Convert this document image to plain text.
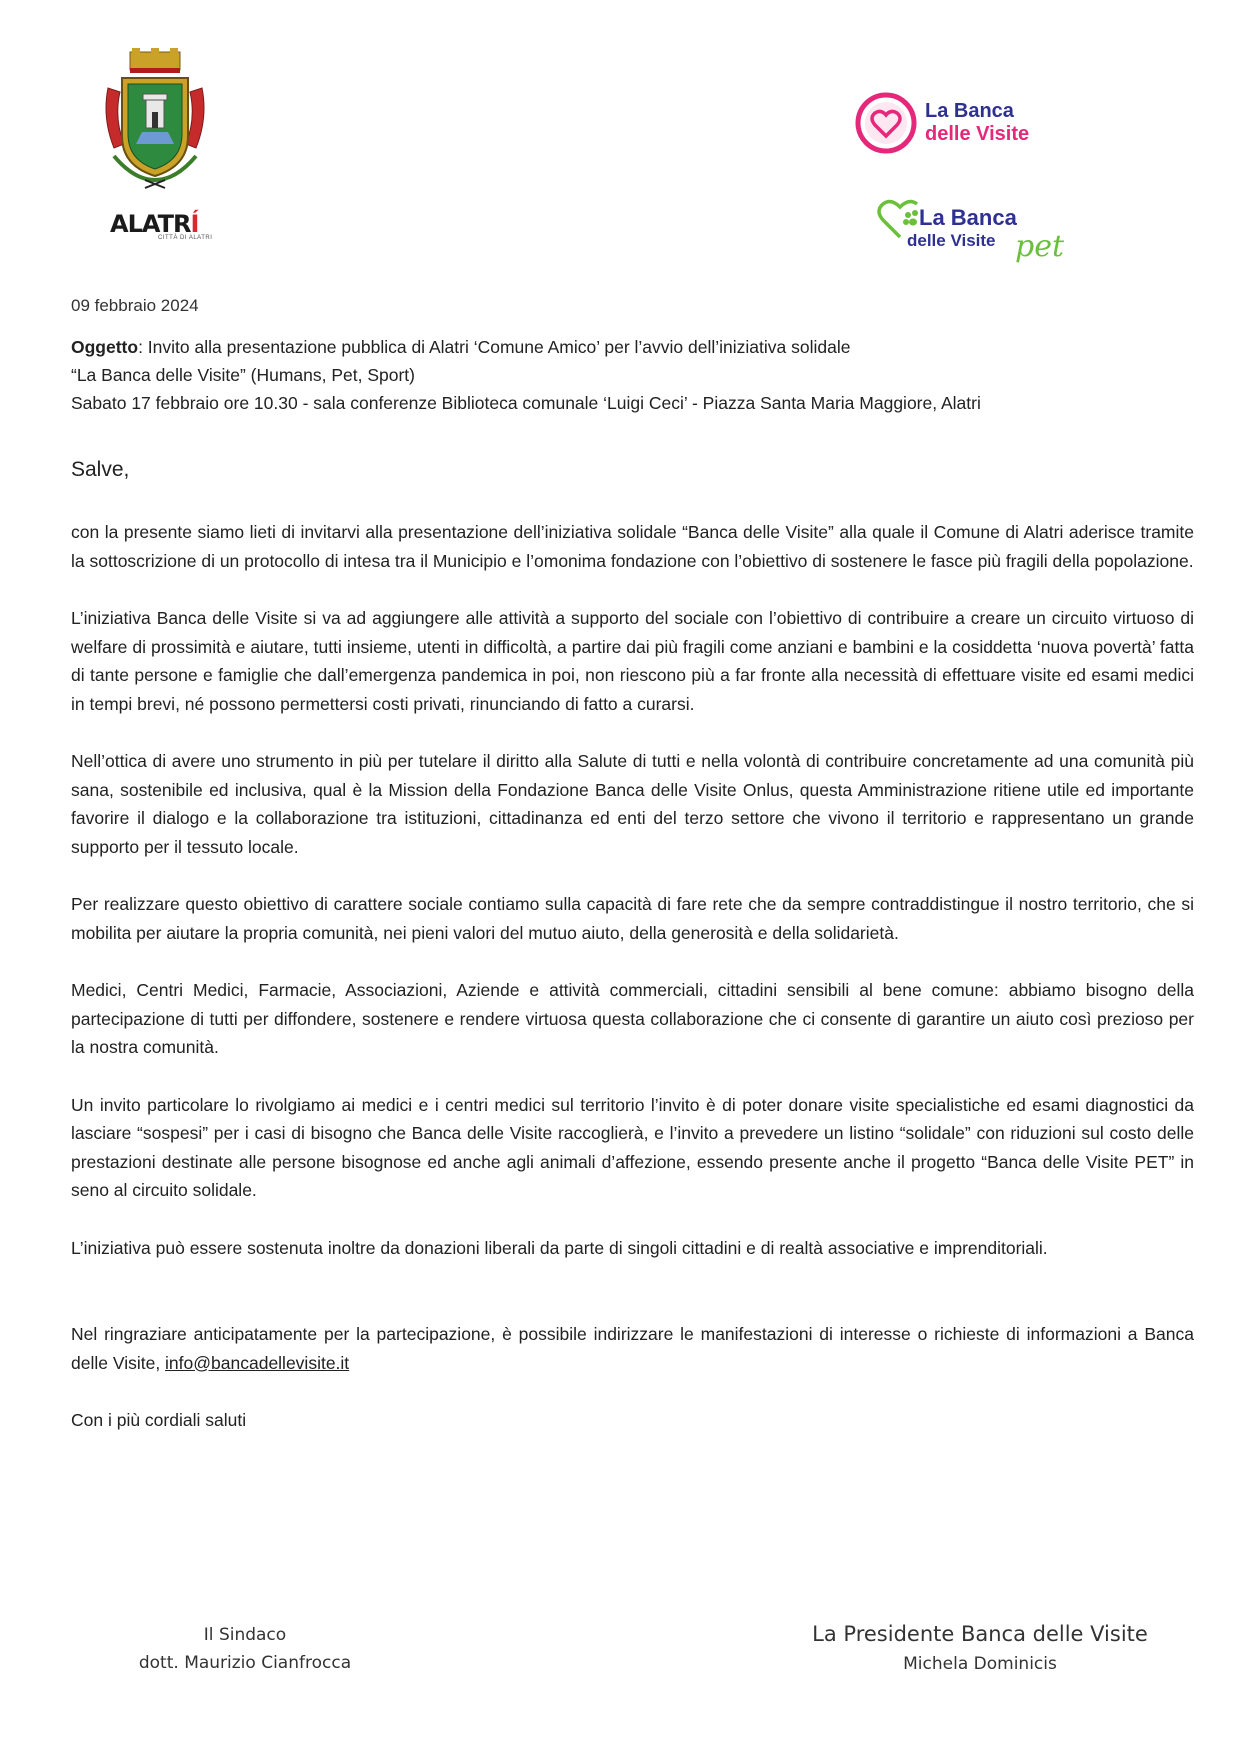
ALATRÍ
CITTÀ DI ALATRI
La Banca
delle Visite
La Banca
delle Visite pet
09 febbraio 2024
Oggetto: Invito alla presentazione pubblica di Alatri ‘Comune Amico’ per l’avvio dell’iniziativa solidale
“La Banca delle Visite” (Humans, Pet, Sport)
Sabato 17 febbraio ore 10.30 - sala conferenze Biblioteca comunale ‘Luigi Ceci’ - Piazza Santa Maria Maggiore, Alatri
Salve,

con la presente siamo lieti di invitarvi alla presentazione dell’iniziativa solidale “Banca delle Visite” alla quale il Comune di Alatri aderisce tramite la sottoscrizione di un protocollo di intesa tra il Municipio e l’omonima fondazione con l’obiettivo di sostenere le fasce più fragili della popolazione.

L’iniziativa Banca delle Visite si va ad aggiungere alle attività a supporto del sociale con l’obiettivo di contribuire a creare un circuito virtuoso di welfare di prossimità e aiutare, tutti insieme, utenti in difficoltà, a partire dai più fragili come anziani e bambini e la cosiddetta ‘nuova povertà’ fatta di tante persone e famiglie che dall’emergenza pandemica in poi, non riescono più a far fronte alla necessità di effettuare visite ed esami medici in tempi brevi, né possono permettersi costi privati, rinunciando di fatto a curarsi.

Nell’ottica di avere uno strumento in più per tutelare il diritto alla Salute di tutti e nella volontà di contribuire concretamente ad una comunità più sana, sostenibile ed inclusiva, qual è la Mission della Fondazione Banca delle Visite Onlus, questa Amministrazione ritiene utile ed importante favorire il dialogo e la collaborazione tra istituzioni, cittadinanza ed enti del terzo settore che vivono il territorio e rappresentano un grande supporto per il tessuto locale.

Per realizzare questo obiettivo di carattere sociale contiamo sulla capacità di fare rete che da sempre contraddistingue il nostro territorio, che si mobilita per aiutare la propria comunità, nei pieni valori del mutuo aiuto, della generosità e della solidarietà.

Medici, Centri Medici, Farmacie, Associazioni, Aziende e attività commerciali, cittadini sensibili al bene comune: abbiamo bisogno della partecipazione di tutti per diffondere, sostenere e rendere virtuosa questa collaborazione che ci consente di garantire un aiuto così prezioso per la nostra comunità.

Un invito particolare lo rivolgiamo ai medici e i centri medici sul territorio l’invito è di poter donare visite specialistiche ed esami diagnostici da lasciare “sospesi” per i casi di bisogno che Banca delle Visite raccoglierà, e l’invito a prevedere un listino “solidale” con riduzioni sul costo delle prestazioni destinate alle persone bisognose ed anche agli animali d’affezione, essendo presente anche il progetto “Banca delle Visite PET” in seno al circuito solidale.

L’iniziativa può essere sostenuta inoltre da donazioni liberali da parte di singoli cittadini e di realtà associative e imprenditoriali.

Nel ringraziare anticipatamente per la partecipazione, è possibile indirizzare le manifestazioni di interesse o richieste di informazioni a Banca delle Visite, info@bancadellevisite.it

Con i più cordiali saluti

Il Sindaco
dott. Maurizio Cianfrocca
La Presidente Banca delle Visite
Michela Dominicis
